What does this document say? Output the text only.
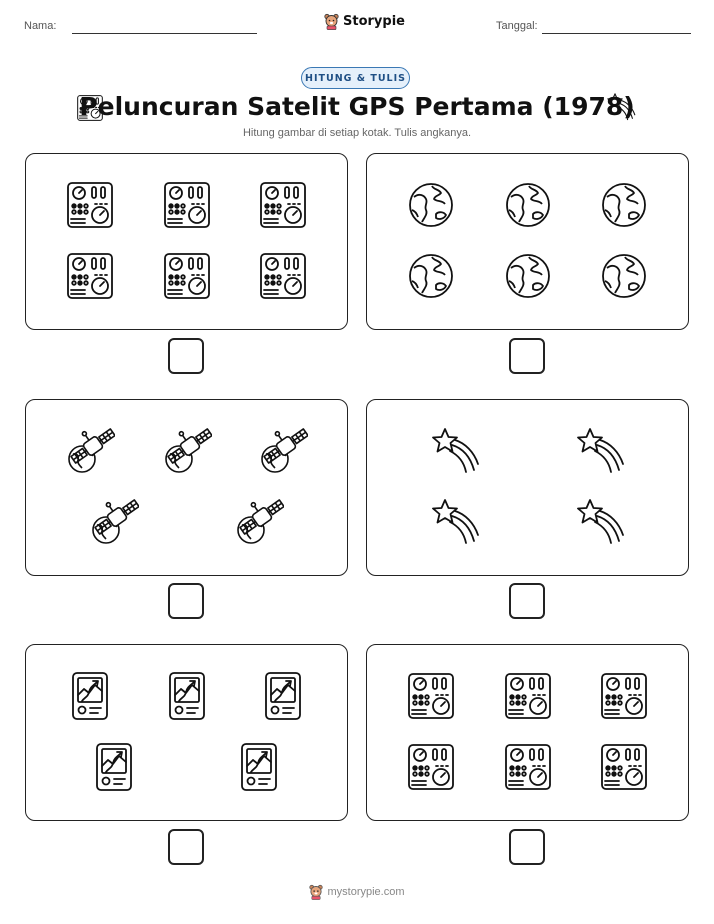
Nama:	Storypie	Tanggal:
HITUNG & TULIS
Peluncuran Satelit GPS Pertama (1978)
Hitung gambar di setiap kotak. Tulis angkanya.
mystorypie.com
